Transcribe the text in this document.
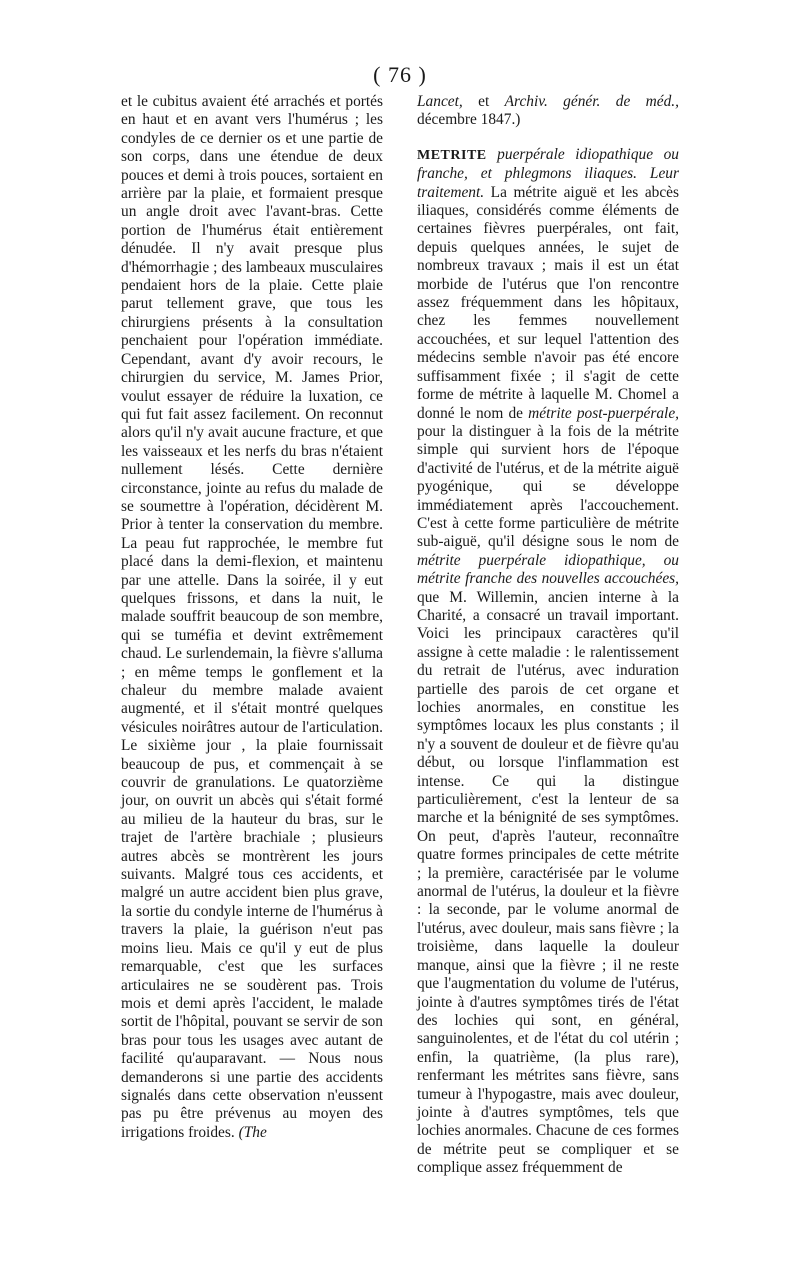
( 76 )

et le cubitus avaient été arrachés et portés en haut et en avant vers l'humérus ; les condyles de ce dernier os et une partie de son corps, dans une étendue de deux pouces et demi à trois pouces, sortaient en arrière par la plaie, et formaient presque un angle droit avec l'avant-bras. Cette portion de l'humérus était entièrement dénudée. Il n'y avait presque plus d'hémorrhagie ; des lambeaux musculaires pendaient hors de la plaie. Cette plaie parut tellement grave, que tous les chirurgiens présents à la consultation penchaient pour l'opération immédiate. Cependant, avant d'y avoir recours, le chirurgien du service, M. James Prior, voulut essayer de réduire la luxation, ce qui fut fait assez facilement. On reconnut alors qu'il n'y avait aucune fracture, et que les vaisseaux et les nerfs du bras n'étaient nullement lésés. Cette dernière circonstance, jointe au refus du malade de se soumettre à l'opération, décidèrent M. Prior à tenter la conservation du membre. La peau fut rapprochée, le membre fut placé dans la demi-flexion, et maintenu par une attelle. Dans la soirée, il y eut quelques frissons, et dans la nuit, le malade souffrit beaucoup de son membre, qui se tuméfia et devint extrêmement chaud. Le surlendemain, la fièvre s'alluma ; en même temps le gonflement et la chaleur du membre malade avaient augmenté, et il s'était montré quelques vésicules noirâtres autour de l'articulation. Le sixième jour , la plaie fournissait beaucoup de pus, et commençait à se couvrir de granulations. Le quatorzième jour, on ouvrit un abcès qui s'était formé au milieu de la hauteur du bras, sur le trajet de l'artère brachiale ; plusieurs autres abcès se montrèrent les jours suivants. Malgré tous ces accidents, et malgré un autre accident bien plus grave, la sortie du condyle interne de l'humérus à travers la plaie, la guérison n'eut pas moins lieu. Mais ce qu'il y eut de plus remarquable, c'est que les surfaces articulaires ne se soudèrent pas. Trois mois et demi après l'accident, le malade sortit de l'hôpital, pouvant se servir de son bras pour tous les usages avec autant de facilité qu'auparavant. — Nous nous demanderons si une partie des accidents signalés dans cette observation n'eussent pas pu être prévenus au moyen des irrigations froides. (The

Lancet, et Archiv. génér. de méd., décembre 1847.)

METRITE puerpérale idiopathique ou franche, et phlegmons iliaques. Leur traitement. La métrite aiguë et les abcès iliaques, considérés comme éléments de certaines fièvres puerpérales, ont fait, depuis quelques années, le sujet de nombreux travaux ; mais il est un état morbide de l'utérus que l'on rencontre assez fréquemment dans les hôpitaux, chez les femmes nouvellement accouchées, et sur lequel l'attention des médecins semble n'avoir pas été encore suffisamment fixée ; il s'agit de cette forme de métrite à laquelle M. Chomel a donné le nom de métrite post-puerpérale, pour la distinguer à la fois de la métrite simple qui survient hors de l'époque d'activité de l'utérus, et de la métrite aiguë pyogénique, qui se développe immédiatement après l'accouchement. C'est à cette forme particulière de métrite sub-aiguë, qu'il désigne sous le nom de métrite puerpérale idiopathique, ou métrite franche des nouvelles accouchées, que M. Willemin, ancien interne à la Charité, a consacré un travail important. Voici les principaux caractères qu'il assigne à cette maladie : le ralentissement du retrait de l'utérus, avec induration partielle des parois de cet organe et lochies anormales, en constitue les symptômes locaux les plus constants ; il n'y a souvent de douleur et de fièvre qu'au début, ou lorsque l'inflammation est intense. Ce qui la distingue particulièrement, c'est la lenteur de sa marche et la bénignité de ses symptômes. On peut, d'après l'auteur, reconnaître quatre formes principales de cette métrite ; la première, caractérisée par le volume anormal de l'utérus, la douleur et la fièvre : la seconde, par le volume anormal de l'utérus, avec douleur, mais sans fièvre ; la troisième, dans laquelle la douleur manque, ainsi que la fièvre ; il ne reste que l'augmentation du volume de l'utérus, jointe à d'autres symptômes tirés de l'état des lochies qui sont, en général, sanguinolentes, et de l'état du col utérin ; enfin, la quatrième, (la plus rare), renfermant les métrites sans fièvre, sans tumeur à l'hypogastre, mais avec douleur, jointe à d'autres symptômes, tels que lochies anormales. Chacune de ces formes de métrite peut se compliquer et se complique assez fréquemment de
